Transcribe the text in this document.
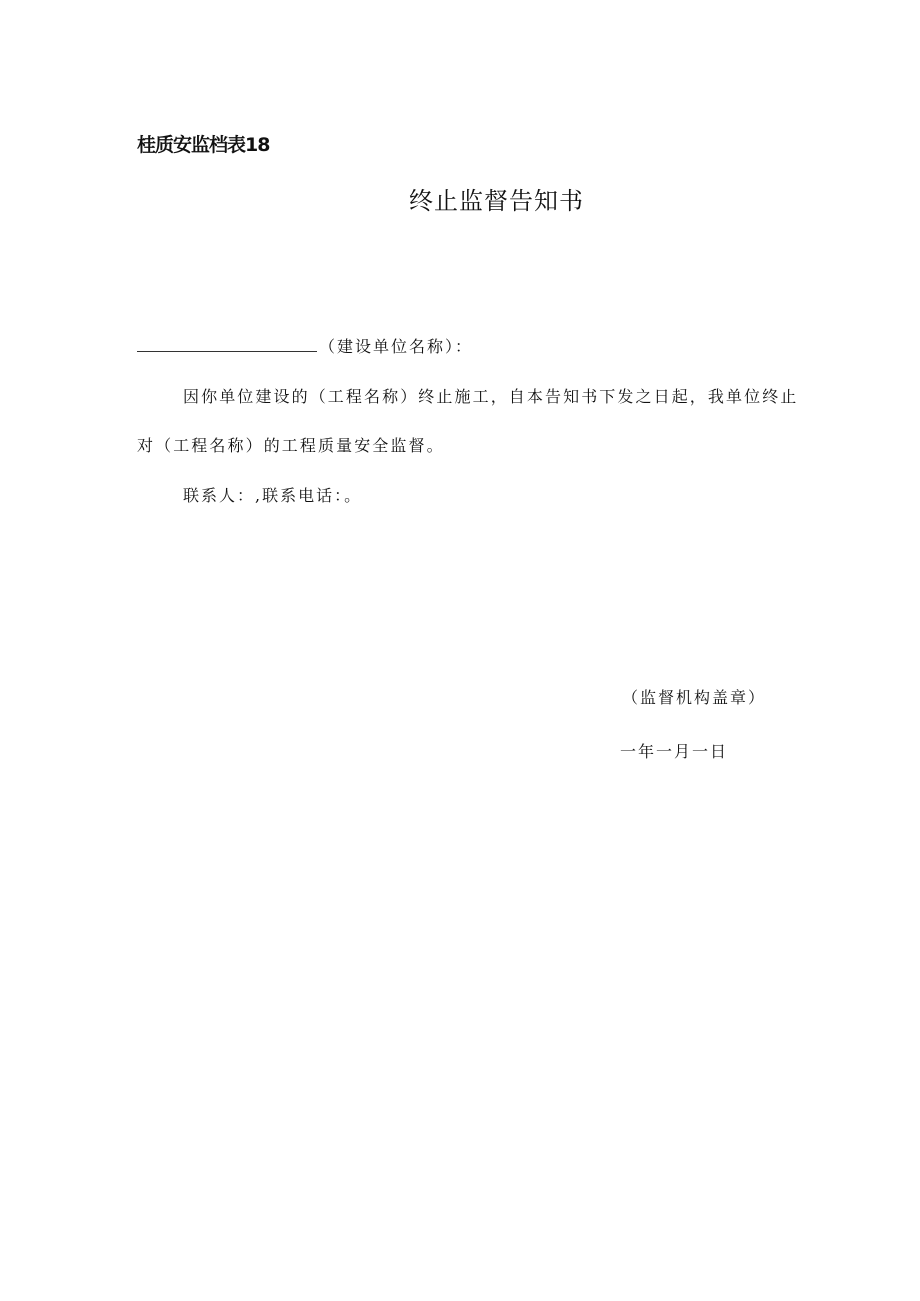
桂质安监档表18
终止监督告知书
（建设单位名称）：
因你单位建设的（工程名称）终止施工，自本告知书下发之日起，我单位终止
对（工程名称）的工程质量安全监督。
联系人：,联系电话：。
（监督机构盖章）
一年一月一日
